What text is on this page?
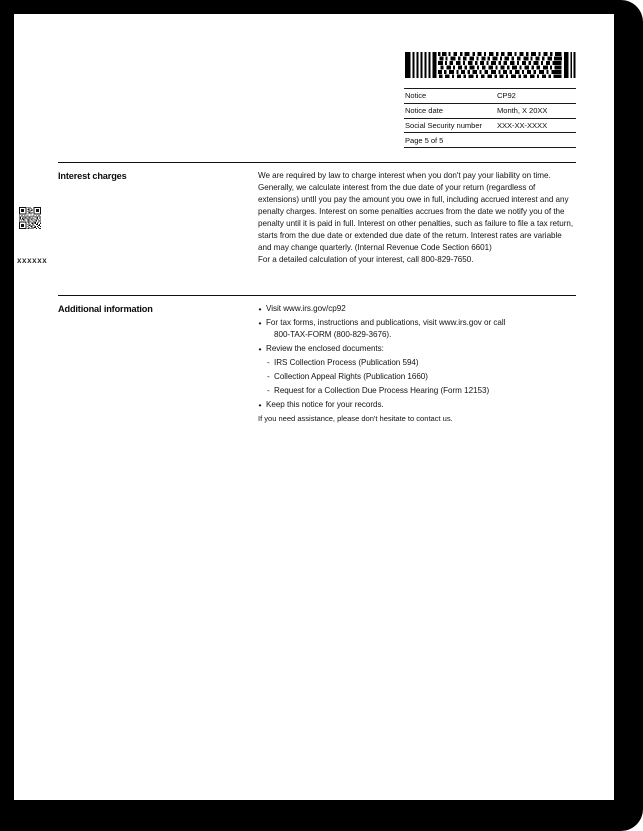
xxxxxx
Notice	CP92
Notice date	Month, X 20XX
Social Security number	XXX-XX-XXXX
Page 5 of 5	
Interest charges	We are required by law to charge interest when you don't pay your liability on time. Generally, we calculate interest from the due date of your return (regardless of extensions) untIl you pay the amount you owe in full, including accrued interest and any penalty charges. Interest on some penalties accrues from the date we notify you of the penalty until it is paid in full. Interest on other penalties, such as failure to file a tax return, starts from the due date or extended due date of the return. Interest rates are variable and may change quarterly. (Internal Revenue Code Section 6601)

For a detailed calculation of your interest, call 800-829-7650.

Additional information	• Visit www.irs.gov/cp92
• For tax forms, instructions and publications, visit www.irs.gov or call
800-TAX-FORM (800-829-3676).
• Review the enclosed documents:
- IRS Collection Process (Publication 594)
- Collection Appeal Rights (Publication 1660)
- Request for a Collection Due Process Hearing (Form 12153)
• Keep this notice for your records.
If you need assistance, please don't hesitate to contact us.
